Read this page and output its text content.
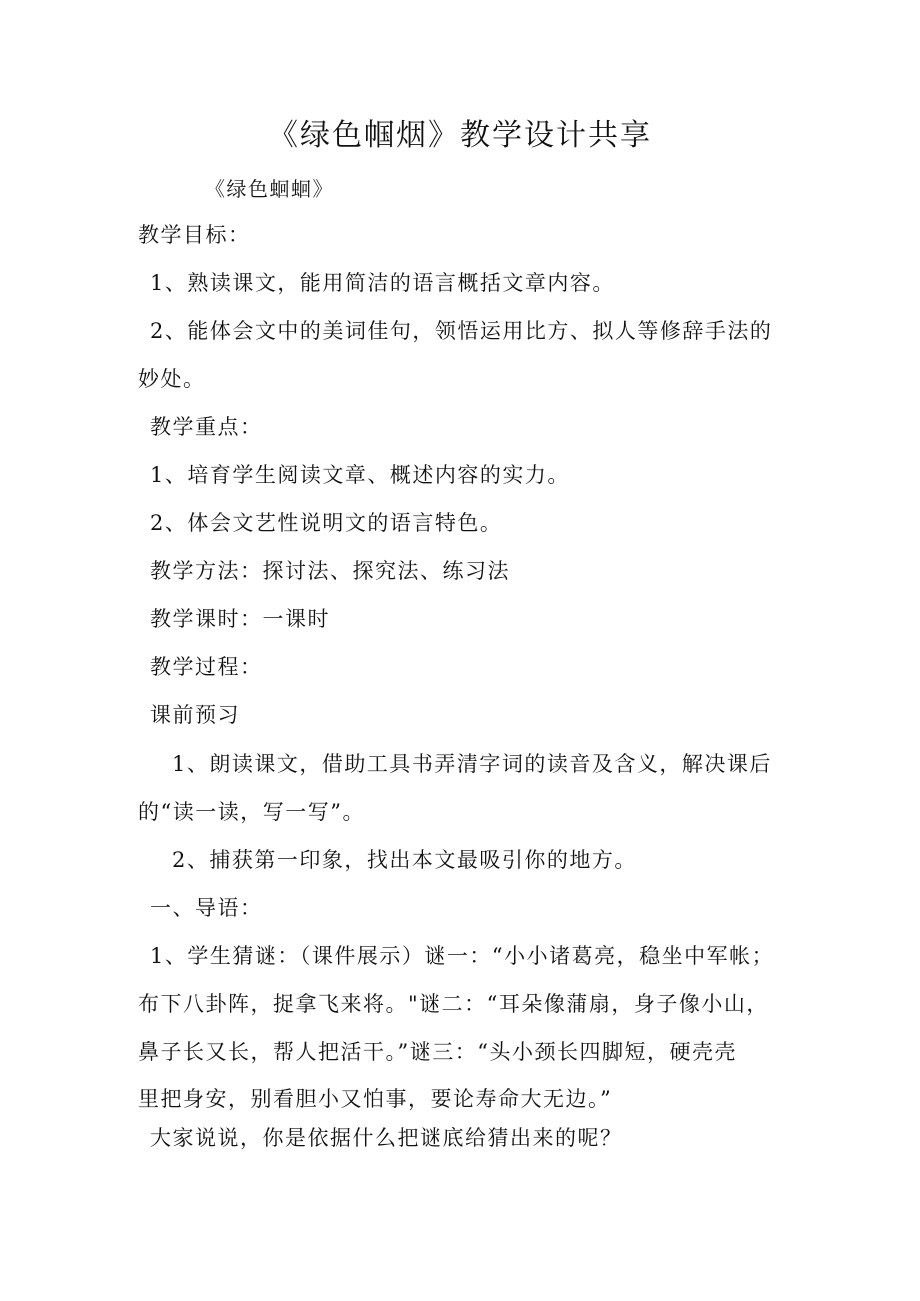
《绿色帼烟》教学设计共享
《绿色蛔蛔》
教学目标：
1、熟读课文，能用简洁的语言概括文章内容。
2、能体会文中的美词佳句，领悟运用比方、拟人等修辞手法的
妙处。
教学重点：
1、培育学生阅读文章、概述内容的实力。
2、体会文艺性说明文的语言特色。
教学方法：探讨法、探究法、练习法
教学课时：一课时
教学过程：
课前预习
1、朗读课文，借助工具书弄清字词的读音及含义，解决课后
的“读一读，写一写”。
2、捕获第一印象，找出本文最吸引你的地方。
一、导语：
1、学生猜谜：（课件展示）谜一：“小小诸葛亮，稳坐中军帐；
布下八卦阵，捉拿飞来将。"谜二：“耳朵像蒲扇，身子像小山，
鼻子长又长，帮人把活干。”谜三：“头小颈长四脚短，硬壳壳
里把身安，别看胆小又怕事，要论寿命大无边。”
大家说说，你是依据什么把谜底给猜出来的呢？
